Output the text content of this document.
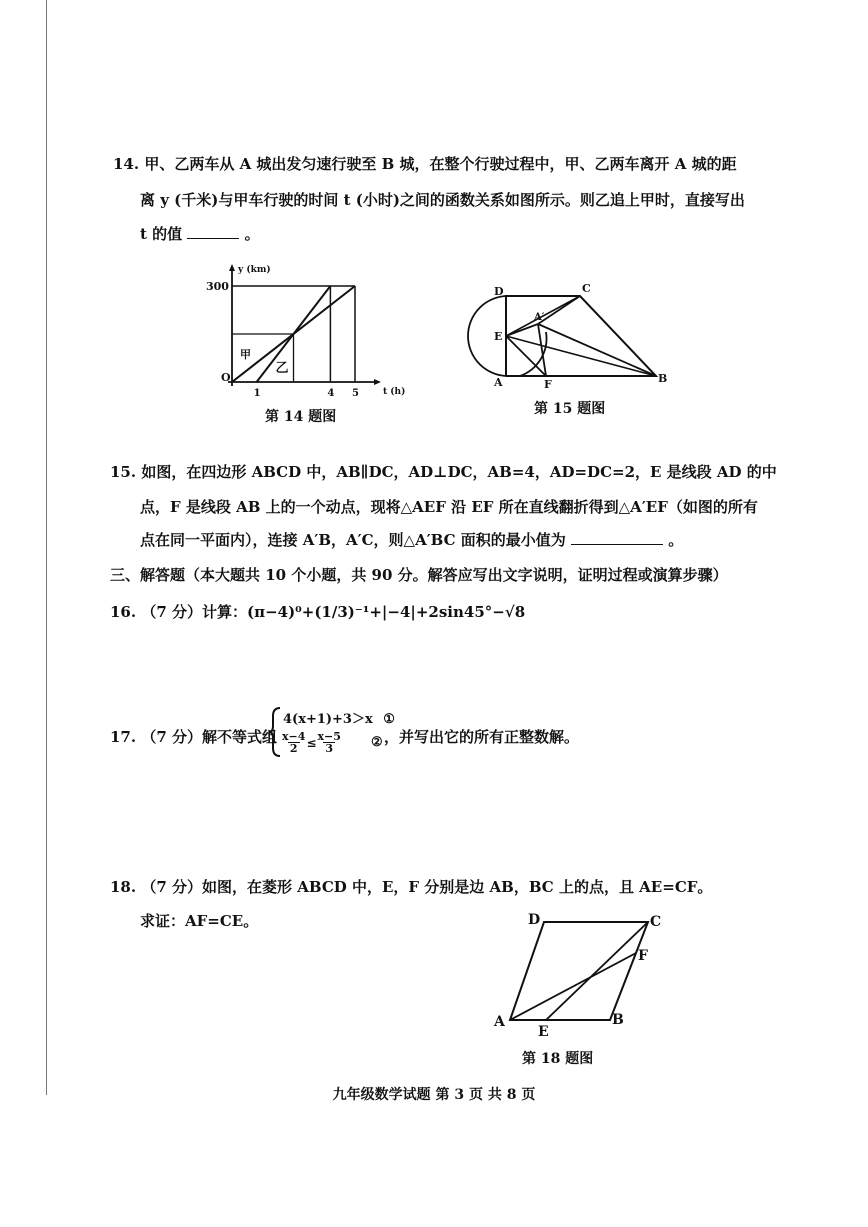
14. 甲、乙两车从 A 城出发匀速行驶至 B 城，在整个行驶过程中，甲、乙两车离开 A 城的距
离 y (千米)与甲车行驶的时间 t (小时)之间的函数关系如图所示。则乙追上甲时，直接写出
t 的值	。
y (km)
t (h)
O
300
1	4 5
甲
乙
第 14 题图
D	C
E
A	F	B
A′
第 15 题图
15. 如图，在四边形 ABCD 中，AB∥DC，AD⊥DC，AB=4，AD=DC=2，E 是线段 AD 的中
点，F 是线段 AB 上的一个动点，现将△AEF 沿 EF 所在直线翻折得到△A′EF（如图的所有
点在同一平面内），连接 A′B，A′C，则△A′BC 面积的最小值为	。
三、解答题（本大题共 10 个小题，共 90 分。解答应写出文字说明，证明过程或演算步骤）
16. （7 分）计算：(π−4)⁰+(1/3)⁻¹+|−4|+2sin45°−√8
17. （7 分）解不等式组
4(x+1)+3＞x ①
$\frac{x-4}{2} \le \frac{x-5}{3}$ ② ，并写出它的所有正整数解。
18. （7 分）如图，在菱形 ABCD 中，E，F 分别是边 AB，BC 上的点，且 AE=CF。
求证：AF=CE。	D	C
F
A
E
B
第 18 题图
九年级数学试题 第 3 页 共 8 页
